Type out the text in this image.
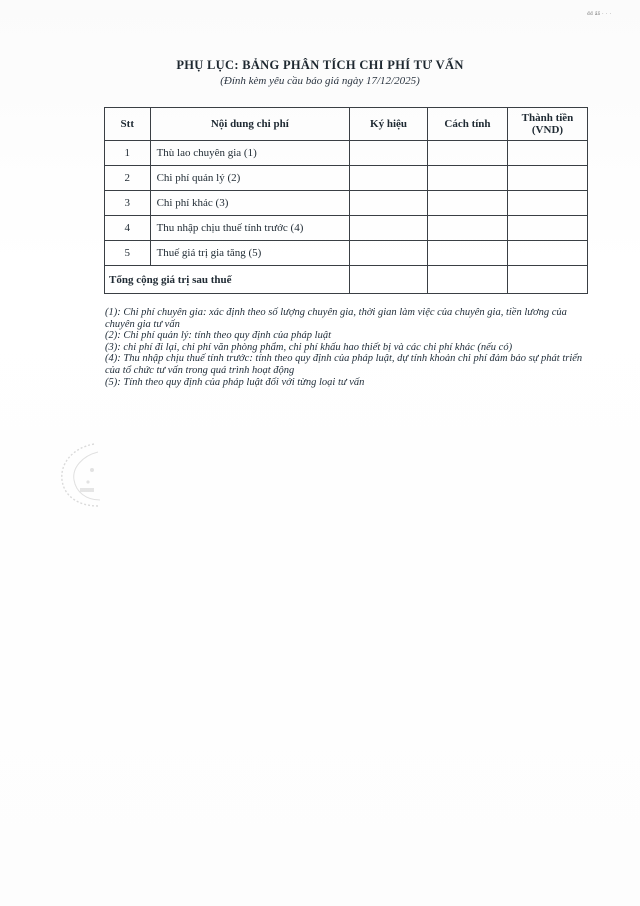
đđ ấấ · · ·
PHỤ LỤC: BẢNG PHÂN TÍCH CHI PHÍ TƯ VẤN
(Đính kèm yêu cầu báo giá ngày 17/12/2025)
Stt	Nội dung chi phí	Ký hiệu	Cách tính	Thành tiền (VND)
1	Thù lao chuyên gia (1)			
2	Chi phí quản lý (2)			
3	Chi phí khác (3)			
4	Thu nhập chịu thuế tính trước (4)			
5	Thuế giá trị gia tăng (5)			
Tổng cộng giá trị sau thuế				

(1): Chi phí chuyên gia: xác định theo số lượng chuyên gia, thời gian làm việc của chuyên gia, tiền lương của chuyên gia tư vấn

(2): Chi phí quản lý: tính theo quy định của pháp luật

(3): chi phí đi lại, chi phí văn phòng phẩm, chi phí khấu hao thiết bị và các chi phí khác (nếu có)

(4): Thu nhập chịu thuế tính trước: tính theo quy định của pháp luật, dự tính khoản chi phí đảm bảo sự phát triển của tổ chức tư vấn trong quá trình hoạt động

(5): Tính theo quy định của pháp luật đối với từng loại tư vấn
